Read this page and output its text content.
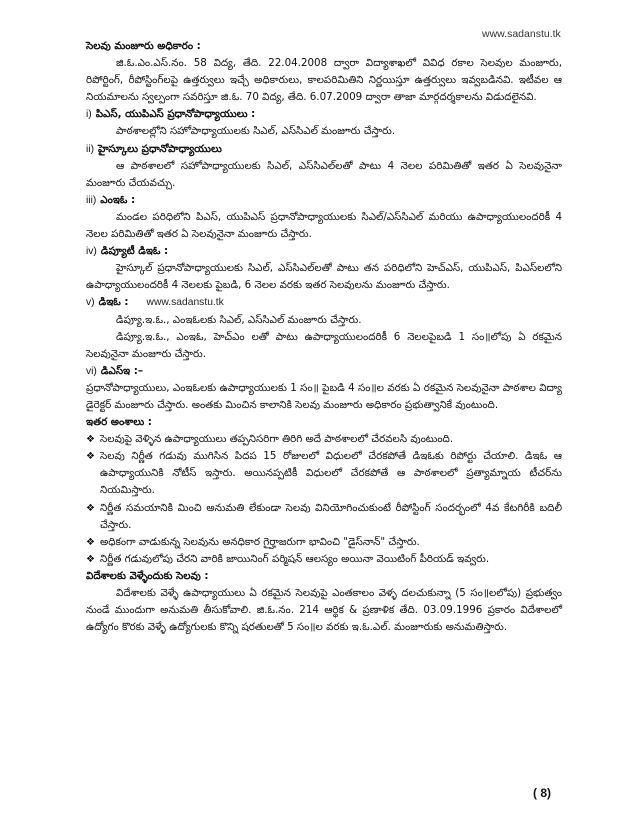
www.sadanstu.tk

సెలవు మంజూరు అధికారం :

జి.ఓ.ఎం.ఎస్.నం. 58 విద్య, తేది. 22.04.2008 ద్వారా విద్యాశాఖలో వివిధ రకాల సెలవుల మంజూరు, రిపోర్టింగ్, రీపోస్టింగ్‌లపై ఉత్తర్వులు ఇచ్చే అధికారులు, కాలపరిమితిని నిర్ణయిస్తూ ఉత్తర్వులు ఇవ్వబడినవి. ఇటీవల ఆ నియమాలను స్వల్పంగా సవరిస్తూ జి.ఓ. 70 విద్య, తేది. 6.07.2009 ద్వారా తాజా మార్గదర్శకాలను విడుదలైనవి.

i) పిఎస్, యుపిఎస్ ప్రధానోపాధ్యాయులు :

పాఠశాలల్లోని సహోపాధ్యాయులకు సిఎల్, ఎస్‌సిఎల్ మంజూరు చేస్తారు.

ii) హైస్కూలు ప్రధానోపాధ్యాయులు

ఆ పాఠశాలలో సహోపాధ్యాయులకు సిఎల్, ఎస్‌సిఎల్‌లతో పాటు 4 నెలల పరిమితితో ఇతర ఏ సెలవునైనా మంజూరు చేయవచ్చు.

iii) ఎంఇఓ :

మండల పరిధిలోని పిఎస్, యుపిఎస్ ప్రధానోపాధ్యాయులకు సిఎల్/ఎస్‌సిఎల్ మరియు ఉపాధ్యాయులందరికీ 4 నెలల పరిమితితో ఇతర ఏ సెలవునైనా మంజూరు చేస్తారు.

iv) డిప్యూటీ డిఇఓ :

హైస్కూల్ ప్రధానోపాధ్యాయులకు సిఎల్, ఎస్‌సిఎల్‌లతో పాటు తన పరిధిలోని హెచ్ఎస్, యుపిఎస్, పిఎస్‌లలోని ఉపాధ్యాయులందరికీ 4 నెలలకు పైబడి, 6 నెలల వరకు ఇతర సెలవులను మంజూరు చేస్తారు.

v) డిఇఓ : www.sadanstu.tk

డిప్యూ.ఇ.ఓ., ఎంఇఓలకు సిఎల్, ఎస్‌సిఎల్ మంజూరు చేస్తారు.

డిప్యూ.ఇ.ఓ., ఎంఇఓ, హెచ్ఎం లతో పాటు ఉపాధ్యాయులందరికీ 6 నెలలపైబడి 1 సం॥లోపు ఏ రకమైన సెలవునైనా మంజూరు చేస్తారు.

vi) డిఎస్ఇ :–

ప్రధానోపాధ్యాయులు, ఎంఇఓలకు ఉపాధ్యాయులకు 1 సం॥ పైబడి 4 సం॥ల వరకు ఏ రకమైన సెలవునైనా పాఠశాల విద్యా డైరెక్టర్ మంజూరు చేస్తారు. అంతకు మించిన కాలానికి సెలవు మంజూరు అధికారం ప్రభుత్వానికే వుంటుంది.

ఇతర అంశాలు :

❖ సెలవుపై వెళ్ళిన ఉపాధ్యాయులు తప్పనిసరిగా తిరిగి అదే పాఠశాలలో చేరవలసి వుంటుంది.

❖ సెలవు నిర్ణీత గడువు ముగిసిన పిదప 15 రోజులలో విధులలో చేరకపోతే డిఇఓకు రిపోర్టు చేయాలి. డిఇఓ ఆ ఉపాధ్యాయునికి నోటీస్ ఇస్తారు. అయినప్పటికీ విధులలో చేరకపోతే ఆ పాఠశాలలో ప్రత్యామ్నాయ టీచర్‌ను నియమిస్తారు.

❖ నిర్ణీత సమయానికి మించి అనుమతి లేకుండా సెలవు వినియోగించుకుంటే రీపోస్టింగ్ సందర్భంలో 4వ కేటగిరీకి బదిలీ చేస్తారు.

❖ అధికంగా వాడుకున్న సెలవును అనధికార గైర్హాజరుగా భావించి "డైస్‌నాన్" చేస్తారు.

❖ నిర్ణీత గడువులోపు చేరని వారికి జాయినింగ్ పర్మిషన్ ఆలస్యం అయినా వెయిటింగ్ పీరియడ్ ఇవ్వరు.

విదేశాలకు వెళ్ళేందుకు సెలవు :

విదేశాలకు వెళ్ళే ఉపాధ్యాయులు ఏ రకమైన సెలవుపై ఎంతకాలం వెళ్ళ దలచుకున్నా (5 సం॥లలోపు) ప్రభుత్వం నుండే ముందుగా అనుమతి తీసుకోవాలి. జి.ఓ.నం. 214 ఆర్థిక & ప్రణాళిక తేది. 03.09.1996 ప్రకారం విదేశాలలో ఉద్యోగం కొరకు వెళ్ళే ఉద్యోగులకు కొన్ని షరతులతో 5 సం॥ల వరకు ఇ.ఓ.ఎల్. మంజూరుకు అనుమతిస్తారు.

( 8)
